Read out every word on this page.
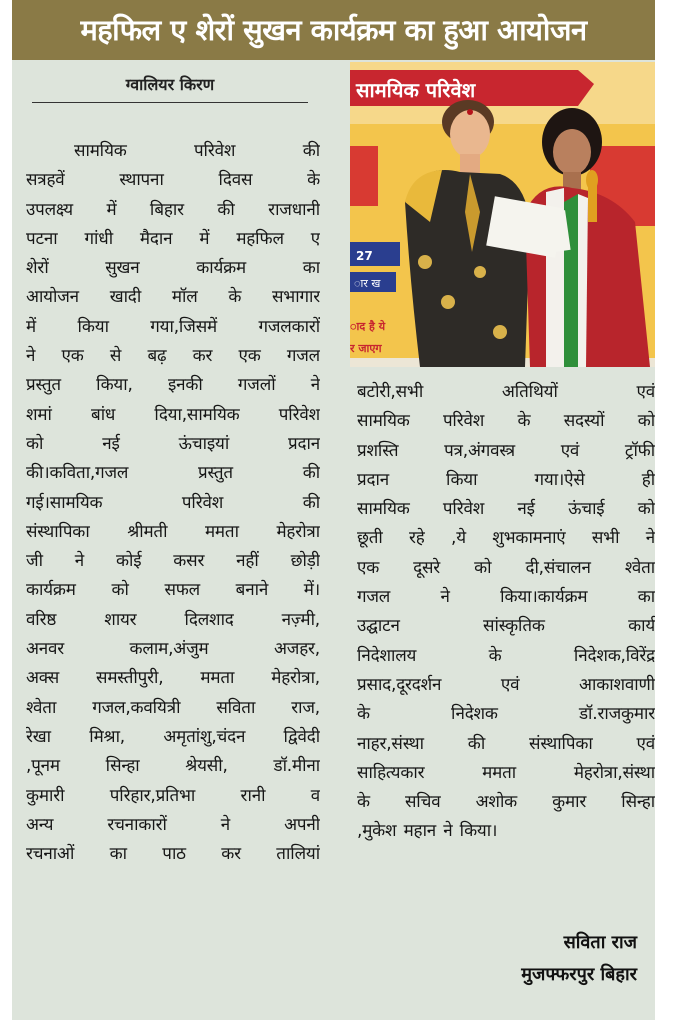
महफिल ए शेरों सुखन कार्यक्रम का हुआ आयोजन
ग्वालियर किरण	सामयिक परिवेश
27
ार ख
ाद है ये
र जाएग
सामयिक परिवेश की
सत्रहवें स्थापना दिवस के
उपलक्ष्य में बिहार की राजधानी
पटना गांधी मैदान में महफिल ए
शेरों सुखन कार्यक्रम का
आयोजन खादी मॉल के सभागार
में किया गया,जिसमें गजलकारों
ने एक से बढ़ कर एक गजल
प्रस्तुत किया, इनकी गजलों ने
शमां बांध दिया,सामयिक परिवेश
को नई ऊंचाइयां प्रदान
की।कविता,गजल प्रस्तुत की
गई।सामयिक परिवेश की
संस्थापिका श्रीमती ममता मेहरोत्रा
जी ने कोई कसर नहीं छोड़ी
कार्यक्रम को सफल बनाने में।
वरिष्ठ शायर दिलशाद नज़्मी,
अनवर कलाम,अंजुम अजहर,
अक्स समस्तीपुरी, ममता मेहरोत्रा,
श्वेता गजल,कवयित्री सविता राज,
रेखा मिश्रा, अमृतांशु,चंदन द्विवेदी
,पूनम सिन्हा श्रेयसी, डॉ.मीना
कुमारी परिहार,प्रतिभा रानी व
अन्य रचनाकारों ने अपनी
रचनाओं का पाठ कर तालियां
बटोरी,सभी अतिथियों एवं
सामयिक परिवेश के सदस्यों को
प्रशस्ति पत्र,अंगवस्त्र एवं ट्रॉफी
प्रदान किया गया।ऐसे ही
सामयिक परिवेश नई ऊंचाई को
छूती रहे ,ये शुभकामनाएं सभी ने
एक दूसरे को दी,संचालन श्वेता
गजल ने किया।कार्यक्रम का
उद्घाटन सांस्कृतिक कार्य
निदेशालय के निदेशक,विरेंद्र
प्रसाद,दूरदर्शन एवं आकाशवाणी
के निदेशक डॉ.राजकुमार
नाहर,संस्था की संस्थापिका एवं
साहित्यकार ममता मेहरोत्रा,संस्था
के सचिव अशोक कुमार सिन्हा
,मुकेश महान ने किया।
सविता राज
मुजफ्फरपुर बिहार
